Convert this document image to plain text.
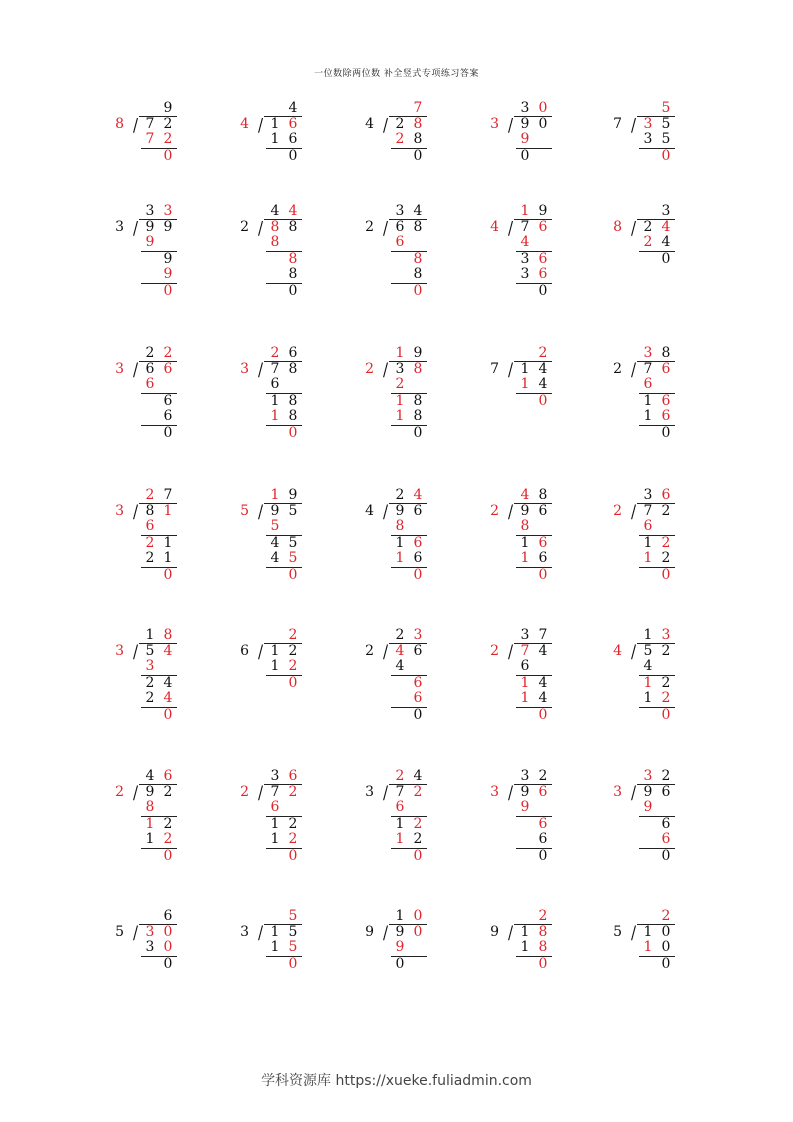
一位数除两位数 补全竖式专项练习答案
8
9
/ 7 2
7 2
0
4
4
/ 1 6
1 6
0
4
7
/ 2 8
2 8
0
3
3 0
/ 9 0
9
0
7
5
/ 3 5
3 5
0
3
3 3
/ 9 9
9
9
9
0
2
4 4
/ 8 8
8
8
8
0
2
3 4
/ 6 8
6
8
8
0
4
1 9
/ 7 6
4
3 6
3 6
0
8
3
/ 2 4
2 4
0
3
2 2
/ 6 6
6
6
6
0
3
2 6
/ 7 8
6
1 8
1 8
0
2
1 9
/ 3 8
2
1 8
1 8
0
7
2
/ 1 4
1 4
0
2
3 8
/ 7 6
6
1 6
1 6
0
3
2 7
/ 8 1
6
2 1
2 1
0
5
1 9
/ 9 5
5
4 5
4 5
0
4
2 4
/ 9 6
8
1 6
1 6
0
2
4 8
/ 9 6
8
1 6
1 6
0
2
3 6
/ 7 2
6
1 2
1 2
0
3
1 8
/ 5 4
3
2 4
2 4
0
6
2
/ 1 2
1 2
0
2
2 3
/ 4 6
4
6
6
0
2
3 7
/ 7 4
6
1 4
1 4
0
4
1 3
/ 5 2
4
1 2
1 2
0
2
4 6
/ 9 2
8
1 2
1 2
0
2
3 6
/ 7 2
6
1 2
1 2
0
3
2 4
/ 7 2
6
1 2
1 2
0
3
3 2
/ 9 6
9
6
6
0
3
3 2
/ 9 6
9
6
6
0
5
6
/ 3 0
3 0
0
3
5
/ 1 5
1 5
0
9
1 0
/ 9 0
9
0
9
2
/ 1 8
1 8
0
5
2
/ 1 0
1 0
0
学科资源库 https://xueke.fuliadmin.com
